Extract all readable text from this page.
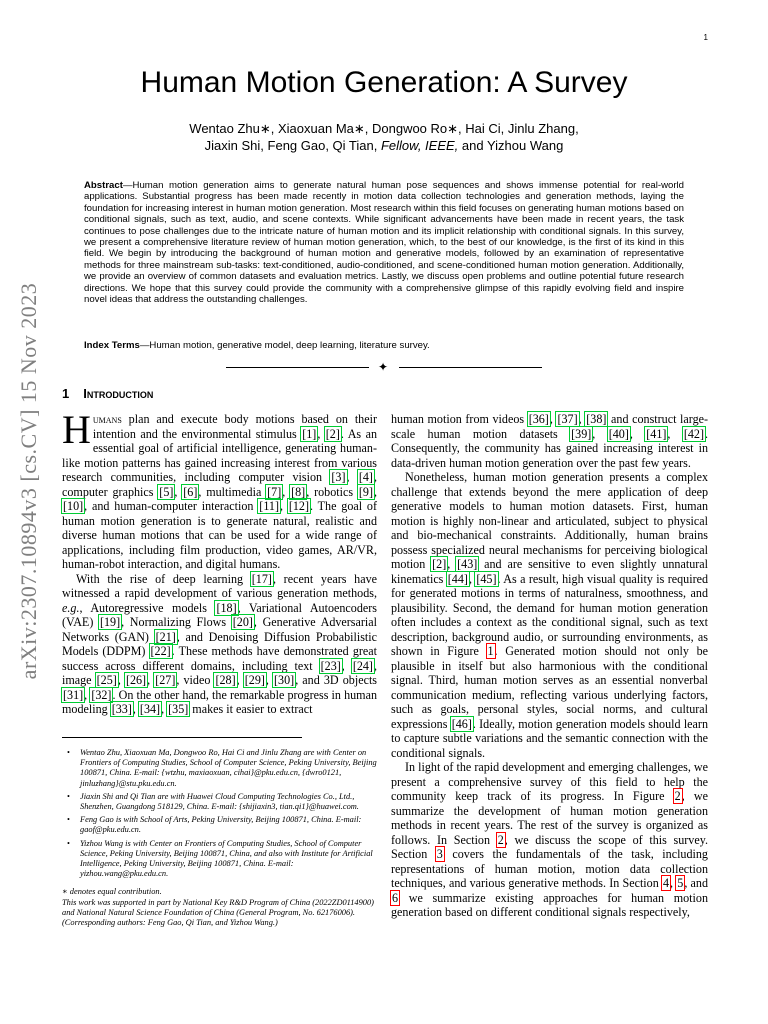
1
arXiv:2307.10894v3 [cs.CV] 15 Nov 2023
Human Motion Generation: A Survey
Wentao Zhu∗, Xiaoxuan Ma∗, Dongwoo Ro∗, Hai Ci, Jinlu Zhang,
Jiaxin Shi, Feng Gao, Qi Tian, Fellow, IEEE, and Yizhou Wang
Abstract—Human motion generation aims to generate natural human pose sequences and shows immense potential for real-world applications. Substantial progress has been made recently in motion data collection technologies and generation methods, laying the foundation for increasing interest in human motion generation. Most research within this field focuses on generating human motions based on conditional signals, such as text, audio, and scene contexts. While significant advancements have been made in recent years, the task continues to pose challenges due to the intricate nature of human motion and its implicit relationship with conditional signals. In this survey, we present a comprehensive literature review of human motion generation, which, to the best of our knowledge, is the first of its kind in this field. We begin by introducing the background of human motion and generative models, followed by an examination of representative methods for three mainstream sub-tasks: text-conditioned, audio-conditioned, and scene-conditioned human motion generation. Additionally, we provide an overview of common datasets and evaluation metrics. Lastly, we discuss open problems and outline potential future research directions. We hope that this survey could provide the community with a comprehensive glimpse of this rapidly evolving field and inspire novel ideas that address the outstanding challenges.
Index Terms—Human motion, generative model, deep learning, literature survey.
✦
1 Introduction

Humans plan and execute body motions based on their intention and the environmental stimulus [1], [2]. As an essential goal of artificial intelligence, generating human-like motion patterns has gained increasing interest from various research communities, including computer vision [3], [4], computer graphics [5], [6], multimedia [7], [8], robotics [9], [10], and human-computer interaction [11], [12]. The goal of human motion generation is to generate natural, realistic and diverse human motions that can be used for a wide range of applications, including film production, video games, AR/VR, human-robot interaction, and digital humans.

With the rise of deep learning [17], recent years have witnessed a rapid development of various generation methods, e.g., Autoregressive models [18], Variational Autoencoders (VAE) [19], Normalizing Flows [20], Generative Adversarial Networks (GAN) [21], and Denoising Diffusion Probabilistic Models (DDPM) [22]. These methods have demonstrated great success across different domains, including text [23], [24], image [25], [26], [27], video [28], [29], [30], and 3D objects [31], [32]. On the other hand, the remarkable progress in human modeling [33], [34], [35] makes it easier to extract

human motion from videos [36], [37], [38] and construct large-scale human motion datasets [39], [40], [41], [42]. Consequently, the community has gained increasing interest in data-driven human motion generation over the past few years.

Nonetheless, human motion generation presents a complex challenge that extends beyond the mere application of deep generative models to human motion datasets. First, human motion is highly non-linear and articulated, subject to physical and bio-mechanical constraints. Additionally, human brains possess specialized neural mechanisms for perceiving biological motion [2], [43] and are sensitive to even slightly unnatural kinematics [44], [45]. As a result, high visual quality is required for generated motions in terms of naturalness, smoothness, and plausibility. Second, the demand for human motion generation often includes a context as the conditional signal, such as text description, background audio, or surrounding environments, as shown in Figure 1. Generated motion should not only be plausible in itself but also harmonious with the conditional signal. Third, human motion serves as an essential nonverbal communication medium, reflecting various underlying factors, such as goals, personal styles, social norms, and cultural expressions [46]. Ideally, motion generation models should learn to capture subtle variations and the semantic connection with the conditional signals.

In light of the rapid development and emerging challenges, we present a comprehensive survey of this field to help the community keep track of its progress. In Figure 2, we summarize the development of human motion generation methods in recent years. The rest of the survey is organized as follows. In Section 2, we discuss the scope of this survey. Section 3 covers the fundamentals of the task, including representations of human motion, motion data collection techniques, and various generative methods. In Section 4, 5, and 6 we summarize existing approaches for human motion generation based on different conditional signals respectively,

• Wentao Zhu, Xiaoxuan Ma, Dongwoo Ro, Hai Ci and Jinlu Zhang are with Center on Frontiers of Computing Studies, School of Computer Science, Peking University, Beijing 100871, China. E-mail: {wtzhu, maxiaoxuan, cihai}@pku.edu.cn, {dwro0121, jinluzhang}@stu.pku.edu.cn.
• Jiaxin Shi and Qi Tian are with Huawei Cloud Computing Technologies Co., Ltd., Shenzhen, Guangdong 518129, China. E-mail: {shijiaxin3, tian.qi1}@huawei.com.
• Feng Gao is with School of Arts, Peking University, Beijing 100871, China. E-mail: gaof@pku.edu.cn.
• Yizhou Wang is with Center on Frontiers of Computing Studies, School of Computer Science, Peking University, Beijing 100871, China, and also with Institute for Artificial Intelligence, Peking University, Beijing 100871, China. E-mail: yizhou.wang@pku.edu.cn.
∗ denotes equal contribution.
This work was supported in part by National Key R&D Program of China (2022ZD0114900) and National Natural Science Foundation of China (General Program, No. 62176006).
(Corresponding authors: Feng Gao, Qi Tian, and Yizhou Wang.)
